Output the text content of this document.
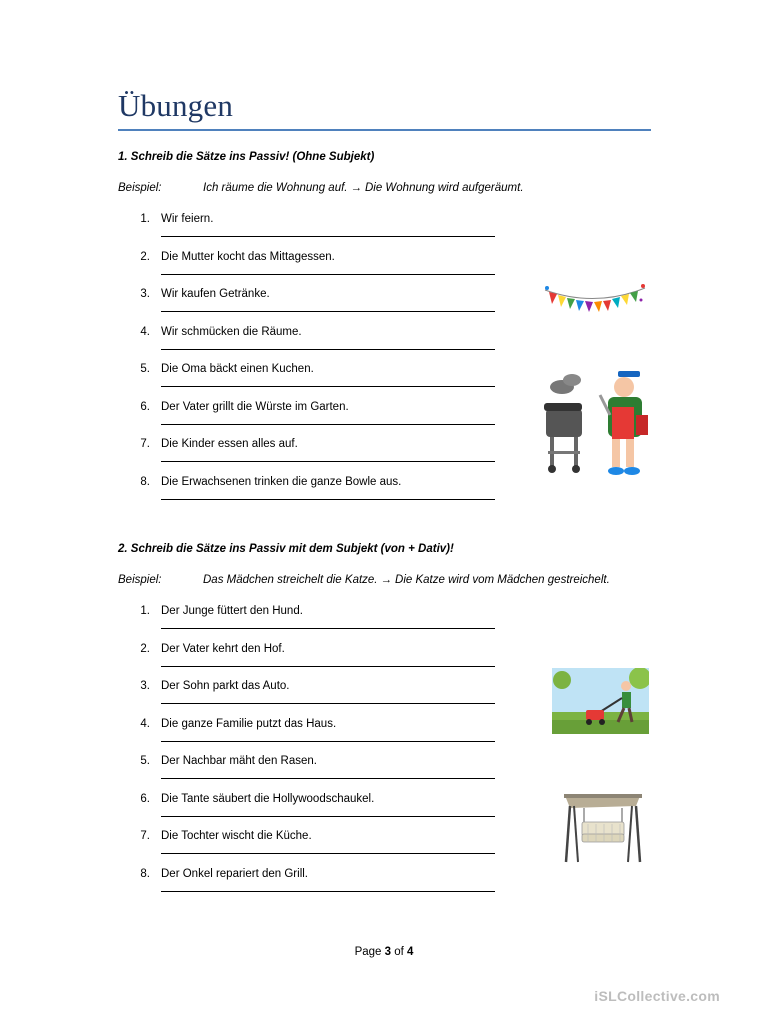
Übungen
1. Schreib die Sätze ins Passiv! (Ohne Subjekt)
Beispiel:	Ich räume die Wohnung auf. → Die Wohnung wird aufgeräumt.
1. Wir feiern.
2. Die Mutter kocht das Mittagessen.
3. Wir kaufen Getränke.
4. Wir schmücken die Räume.
5. Die Oma bäckt einen Kuchen.
6. Der Vater grillt die Würste im Garten.
7. Die Kinder essen alles auf.
8. Die Erwachsenen trinken die ganze Bowle aus.
2. Schreib die Sätze ins Passiv mit dem Subjekt (von + Dativ)!
Beispiel:	Das Mädchen streichelt die Katze. → Die Katze wird vom Mädchen gestreichelt.
1. Der Junge füttert den Hund.
2. Der Vater kehrt den Hof.
3. Der Sohn parkt das Auto.
4. Die ganze Familie putzt das Haus.
5. Der Nachbar mäht den Rasen.
6. Die Tante säubert die Hollywoodschaukel.
7. Die Tochter wischt die Küche.
8. Der Onkel repariert den Grill.
Page 3 of 4
iSLCollective.com
